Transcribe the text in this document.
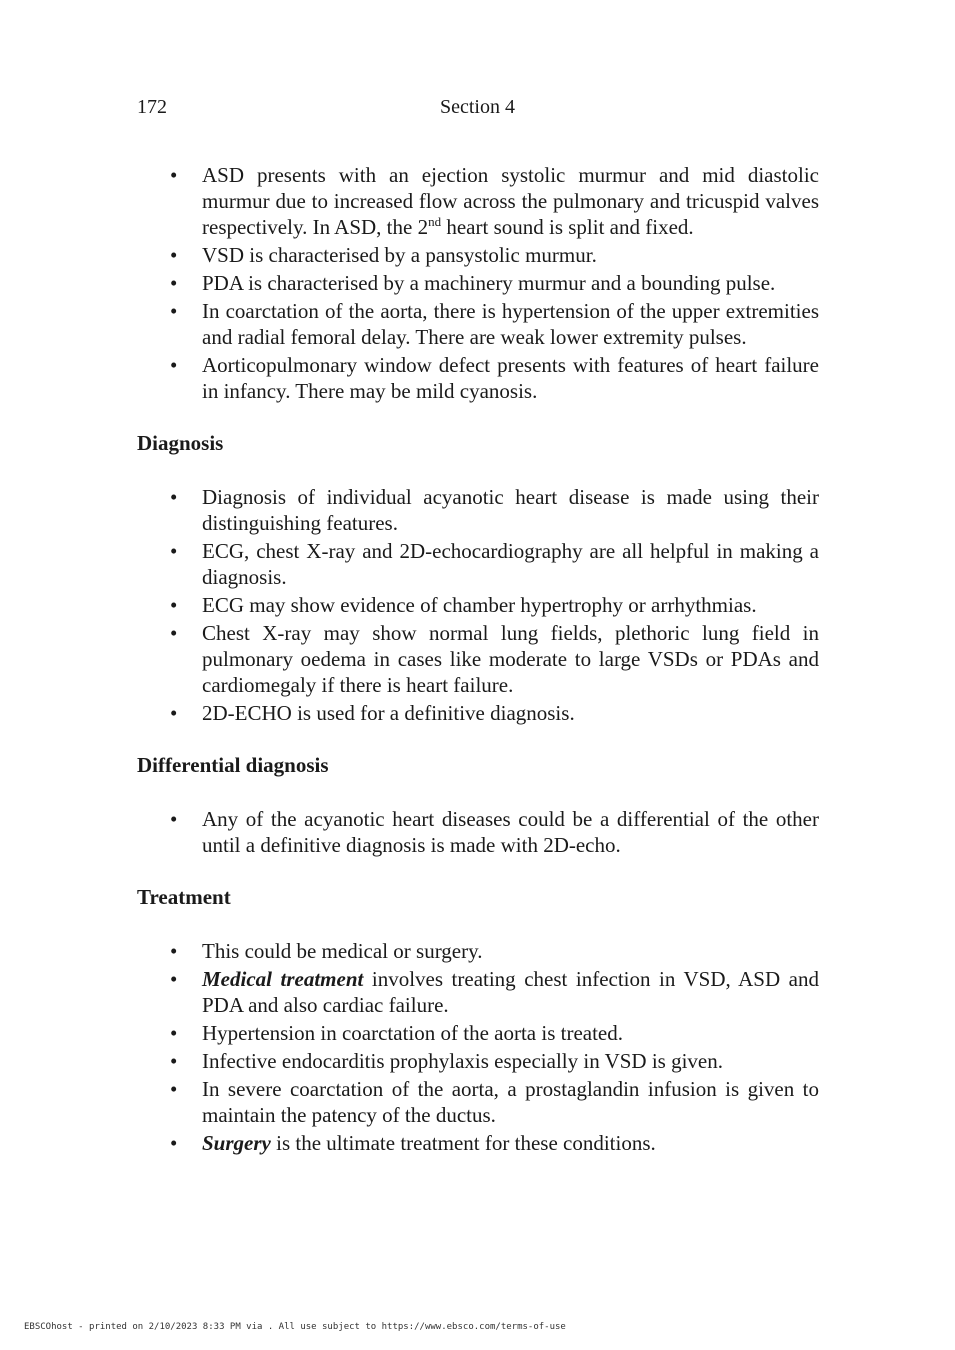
172	Section 4
• ASD presents with an ejection systolic murmur and mid diastolic murmur due to increased flow across the pulmonary and tricuspid valves respectively. In ASD, the 2nd heart sound is split and fixed.
• VSD is characterised by a pansystolic murmur.
• PDA is characterised by a machinery murmur and a bounding pulse.
• In coarctation of the aorta, there is hypertension of the upper extremities and radial femoral delay. There are weak lower extremity pulses.
• Aorticopulmonary window defect presents with features of heart failure in infancy. There may be mild cyanosis.
Diagnosis
• Diagnosis of individual acyanotic heart disease is made using their distinguishing features.
• ECG, chest X-ray and 2D-echocardiography are all helpful in making a diagnosis.
• ECG may show evidence of chamber hypertrophy or arrhythmias.
• Chest X-ray may show normal lung fields, plethoric lung field in pulmonary oedema in cases like moderate to large VSDs or PDAs and cardiomegaly if there is heart failure.
• 2D-ECHO is used for a definitive diagnosis.
Differential diagnosis
• Any of the acyanotic heart diseases could be a differential of the other until a definitive diagnosis is made with 2D-echo.
Treatment
• This could be medical or surgery.
• Medical treatment involves treating chest infection in VSD, ASD and PDA and also cardiac failure.
• Hypertension in coarctation of the aorta is treated.
• Infective endocarditis prophylaxis especially in VSD is given.
• In severe coarctation of the aorta, a prostaglandin infusion is given to maintain the patency of the ductus.
• Surgery is the ultimate treatment for these conditions.
EBSCOhost - printed on 2/10/2023 8:33 PM via . All use subject to https://www.ebsco.com/terms-of-use
